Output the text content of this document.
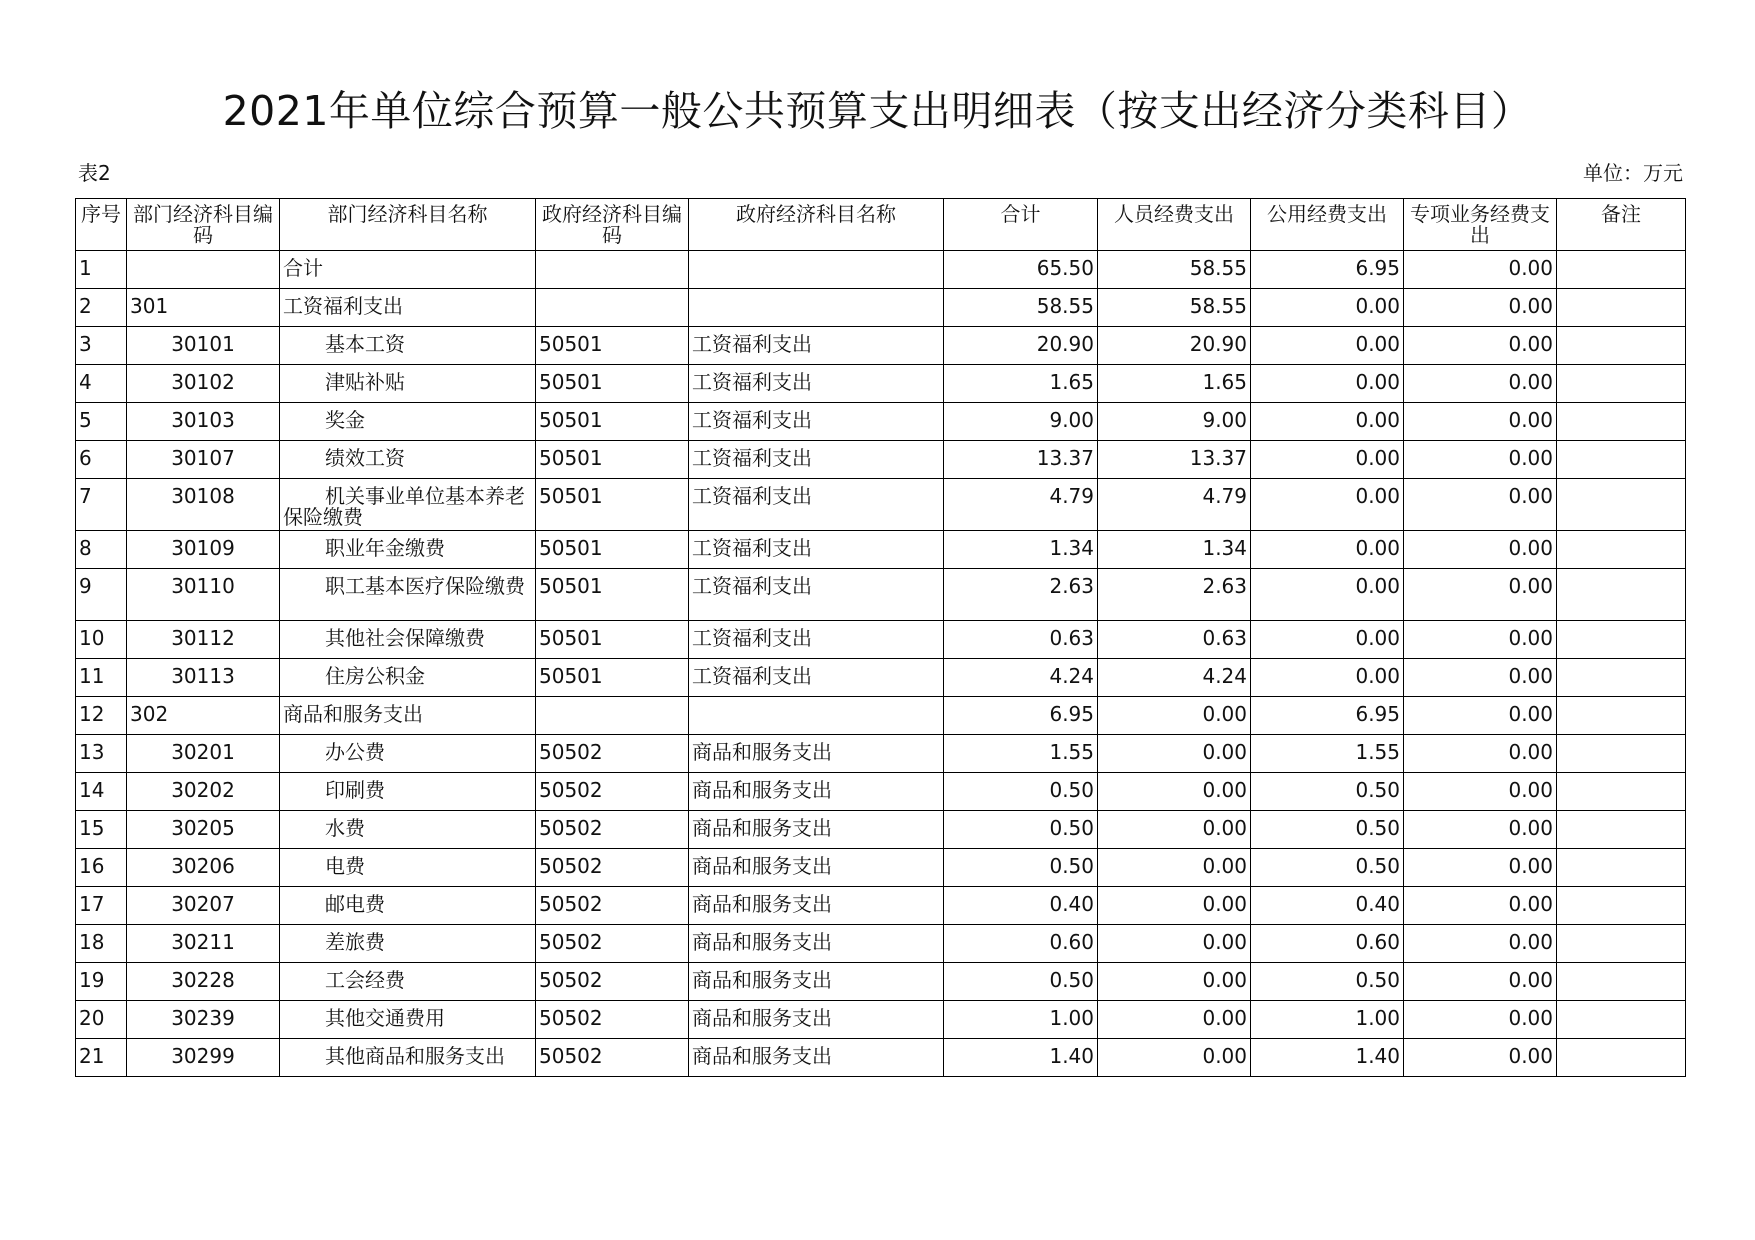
2021年单位综合预算一般公共预算支出明细表（按支出经济分类科目）
表2	单位：万元
序号	部门经济科目编码	部门经济科目名称	政府经济科目编码	政府经济科目名称	合计	人员经费支出	公用经费支出	专项业务经费支出	备注
1		合计			65.50	58.55	6.95	0.00	
2	301	工资福利支出			58.55	58.55	0.00	0.00	
3	30101	基本工资	50501	工资福利支出	20.90	20.90	0.00	0.00	
4	30102	津贴补贴	50501	工资福利支出	1.65	1.65	0.00	0.00	
5	30103	奖金	50501	工资福利支出	9.00	9.00	0.00	0.00	
6	30107	绩效工资	50501	工资福利支出	13.37	13.37	0.00	0.00	
7	30108	机关事业单位基本养老保险缴费	50501	工资福利支出	4.79	4.79	0.00	0.00	
8	30109	职业年金缴费	50501	工资福利支出	1.34	1.34	0.00	0.00	
9	30110	职工基本医疗保险缴费	50501	工资福利支出	2.63	2.63	0.00	0.00	
10	30112	其他社会保障缴费	50501	工资福利支出	0.63	0.63	0.00	0.00	
11	30113	住房公积金	50501	工资福利支出	4.24	4.24	0.00	0.00	
12	302	商品和服务支出			6.95	0.00	6.95	0.00	
13	30201	办公费	50502	商品和服务支出	1.55	0.00	1.55	0.00	
14	30202	印刷费	50502	商品和服务支出	0.50	0.00	0.50	0.00	
15	30205	水费	50502	商品和服务支出	0.50	0.00	0.50	0.00	
16	30206	电费	50502	商品和服务支出	0.50	0.00	0.50	0.00	
17	30207	邮电费	50502	商品和服务支出	0.40	0.00	0.40	0.00	
18	30211	差旅费	50502	商品和服务支出	0.60	0.00	0.60	0.00	
19	30228	工会经费	50502	商品和服务支出	0.50	0.00	0.50	0.00	
20	30239	其他交通费用	50502	商品和服务支出	1.00	0.00	1.00	0.00	
21	30299	其他商品和服务支出	50502	商品和服务支出	1.40	0.00	1.40	0.00	
